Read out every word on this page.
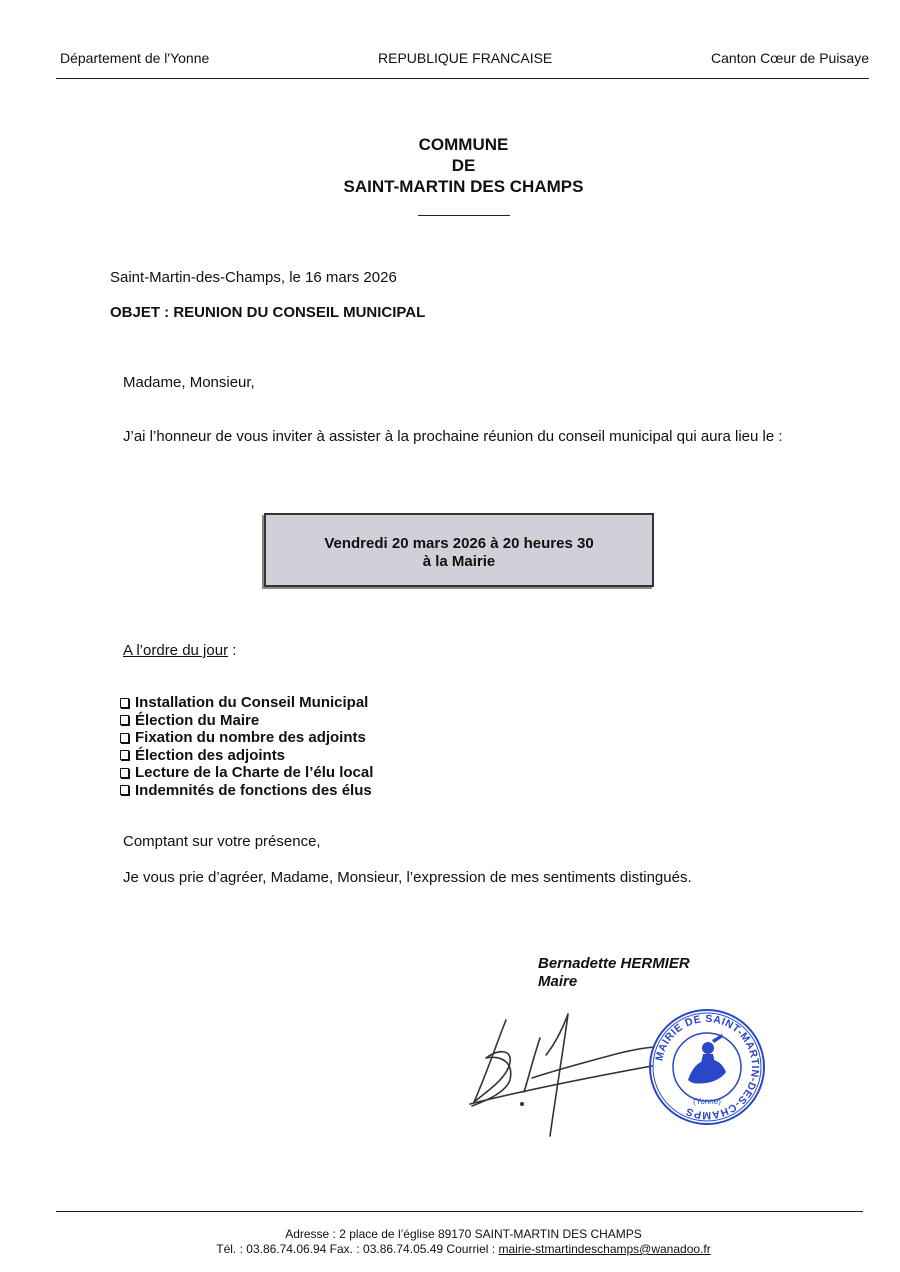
Département de l'Yonne	REPUBLIQUE FRANCAISE	Canton Cœur de Puisaye
COMMUNE
DE
SAINT-MARTIN DES CHAMPS
Saint-Martin-des-Champs, le 16 mars 2026
OBJET : REUNION DU CONSEIL MUNICIPAL
Madame, Monsieur,
J’ai l’honneur de vous inviter à assister à la prochaine réunion du conseil municipal qui aura lieu le :
Vendredi 20 mars 2026 à 20 heures 30
à la Mairie
A l’ordre du jour :
Installation du Conseil Municipal
Élection du Maire
Fixation du nombre des adjoints
Élection des adjoints
Lecture de la Charte de l’élu local
Indemnités de fonctions des élus
Comptant sur votre présence,
Je vous prie d’agréer, Madame, Monsieur, l’expression de mes sentiments distingués.
Bernadette HERMIER
Maire
MAIRIE DE SAINT-MARTIN-DES-CHAMPS
(Yonne)
Adresse : 2 place de l’église 89170 SAINT-MARTIN DES CHAMPS
Tél. : 03.86.74.06.94 Fax. : 03.86.74.05.49 Courriel : mairie-stmartindeschamps@wanadoo.fr
